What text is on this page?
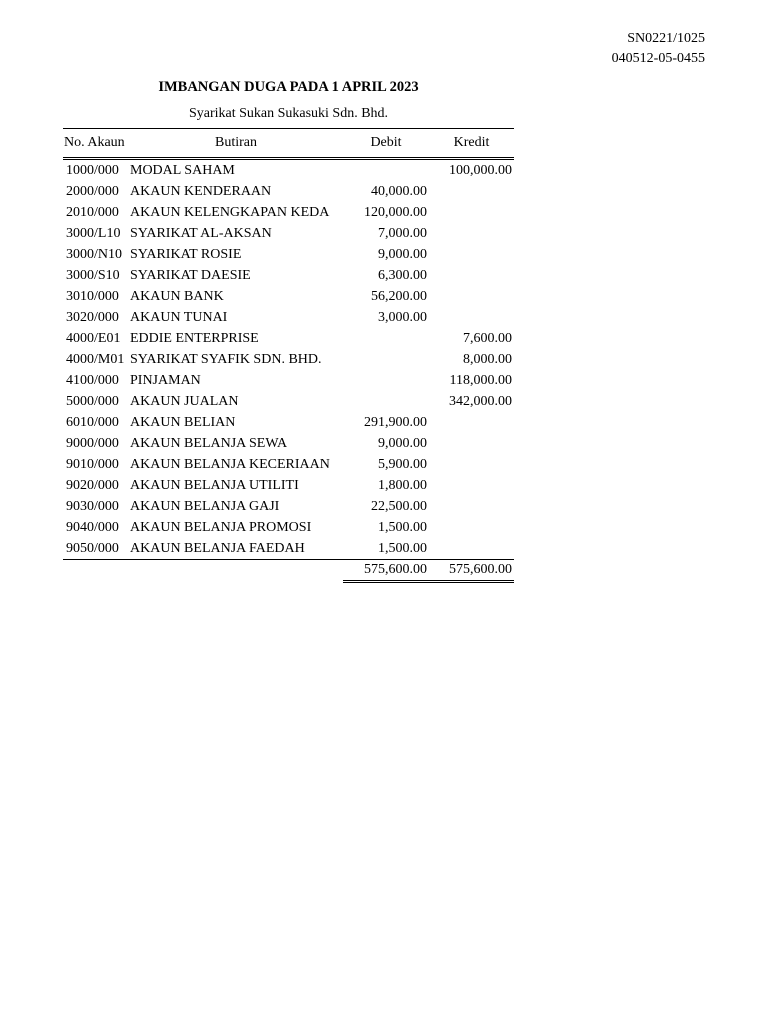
SN0221/1025
040512-05-0455
IMBANGAN DUGA PADA 1 APRIL 2023
Syarikat Sukan Sukasuki Sdn. Bhd.
No. Akaun	Butiran	Debit	Kredit
1000/000	MODAL SAHAM		100,000.00
2000/000	AKAUN KENDERAAN	40,000.00	
2010/000	AKAUN KELENGKAPAN KEDA	120,000.00	
3000/L10	SYARIKAT AL-AKSAN	7,000.00	
3000/N10	SYARIKAT ROSIE	9,000.00	
3000/S10	SYARIKAT DAESIE	6,300.00	
3010/000	AKAUN BANK	56,200.00	
3020/000	AKAUN TUNAI	3,000.00	
4000/E01	EDDIE ENTERPRISE		7,600.00
4000/M01	SYARIKAT SYAFIK SDN. BHD.		8,000.00
4100/000	PINJAMAN		118,000.00
5000/000	AKAUN JUALAN		342,000.00
6010/000	AKAUN BELIAN	291,900.00	
9000/000	AKAUN BELANJA SEWA	9,000.00	
9010/000	AKAUN BELANJA KECERIAAN	5,900.00	
9020/000	AKAUN BELANJA UTILITI	1,800.00	
9030/000	AKAUN BELANJA GAJI	22,500.00	
9040/000	AKAUN BELANJA PROMOSI	1,500.00	
9050/000	AKAUN BELANJA FAEDAH	1,500.00	
		575,600.00	575,600.00
